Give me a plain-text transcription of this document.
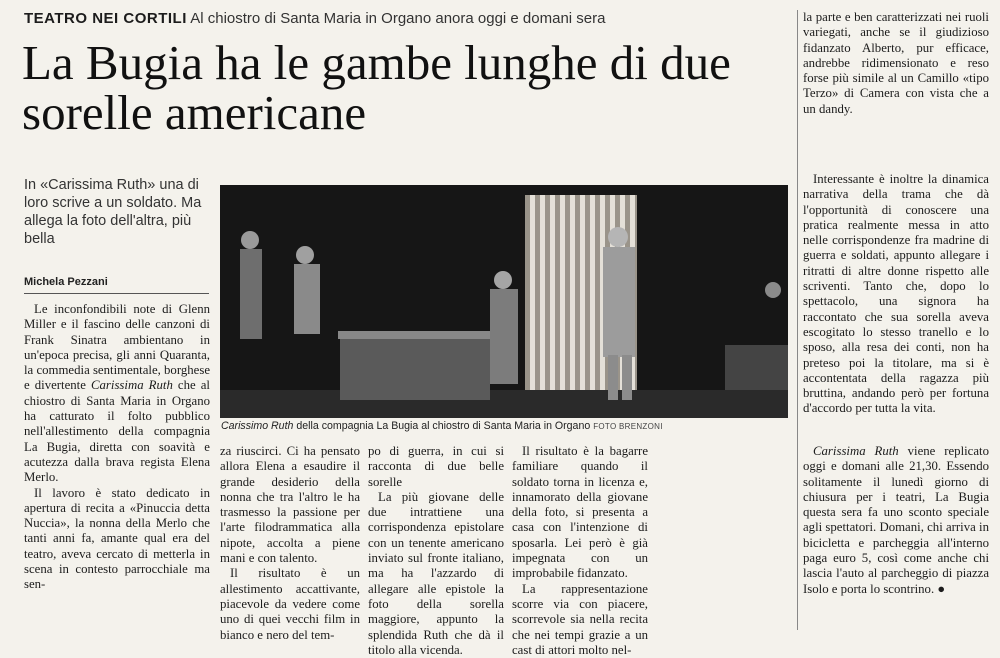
TEATRO NEI CORTILI Al chiostro di Santa Maria in Organo anora oggi e domani sera
La Bugia ha le gambe lunghe di due sorelle americane

In «Carissima Ruth» una di loro scrive a un soldato. Ma allega la foto dell'altra, più bella

Michela Pezzani
Carissimo Ruth della compagnia La Bugia al chiostro di Santa Maria in Organo FOTO BRENZONI

Le inconfondibili note di Glenn Miller e il fascino delle canzoni di Frank Sinatra ambientano in un'epoca precisa, gli anni Quaranta, la commedia sentimentale, borghese e divertente Carissima Ruth che al chiostro di Santa Maria in Organo ha catturato il folto pubblico nell'allestimento della compagnia La Bugia, diretta con soavità e acutezza dalla brava regista Elena Merlo.

Il lavoro è stato dedicato in apertura di recita a «Pinuccia detta Nuccia», la nonna della Merlo che tanti anni fa, amante qual era del teatro, aveva cercato di metterla in scena in contesto parrocchiale ma sen-

za riuscirci. Ci ha pensato allora Elena a esaudire il grande desiderio della nonna che tra l'altro le ha trasmesso la passione per l'arte filodrammatica alla nipote, accolta a piene mani e con talento.

Il risultato è un allestimento accattivante, piacevole da vedere come uno di quei vecchi film in bianco e nero del tem-

po di guerra, in cui si racconta di due belle sorelle

La più giovane delle due intrattiene una corrispondenza epistolare con un tenente americano inviato sul fronte italiano, ma ha l'azzardo di allegare alle epistole la foto della sorella maggiore, appunto la splendida Ruth che dà il titolo alla vicenda.

Il risultato è la bagarre familiare quando il soldato torna in licenza e, innamorato della giovane della foto, si presenta a casa con l'intenzione di sposarla. Lei però è già impegnata con un improbabile fidanzato.

La rappresentazione scorre via con piacere, scorrevole sia nella recita che nei tempi grazie a un cast di attori molto nel-

la parte e ben caratterizzati nei ruoli variegati, anche se il giudizioso fidanzato Alberto, pur efficace, andrebbe ridimensionato e reso forse più simile al un Camillo «tipo Terzo» di Camera con vista che a un dandy.

Interessante è inoltre la dinamica narrativa della trama che dà l'opportunità di conoscere una pratica realmente messa in atto nelle corrispondenze fra madrine di guerra e soldati, appunto allegare i ritratti di altre donne rispetto alle scriventi. Tanto che, dopo lo spettacolo, una signora ha raccontato che sua sorella aveva escogitato lo stesso tranello e lo sposo, alla resa dei conti, non ha preteso poi la titolare, ma si è accontentata della ragazza più bruttina, andando però per fortuna d'accordo per tutta la vita.

Carissima Ruth viene replicato oggi e domani alle 21,30. Essendo solitamente il lunedì giorno di chiusura per i teatri, La Bugia questa sera fa uno sconto speciale agli spettatori. Domani, chi arriva in bicicletta e parcheggia all'interno paga euro 5, così come anche chi lascia l'auto al parcheggio di piazza Isolo e porta lo scontrino. ●
